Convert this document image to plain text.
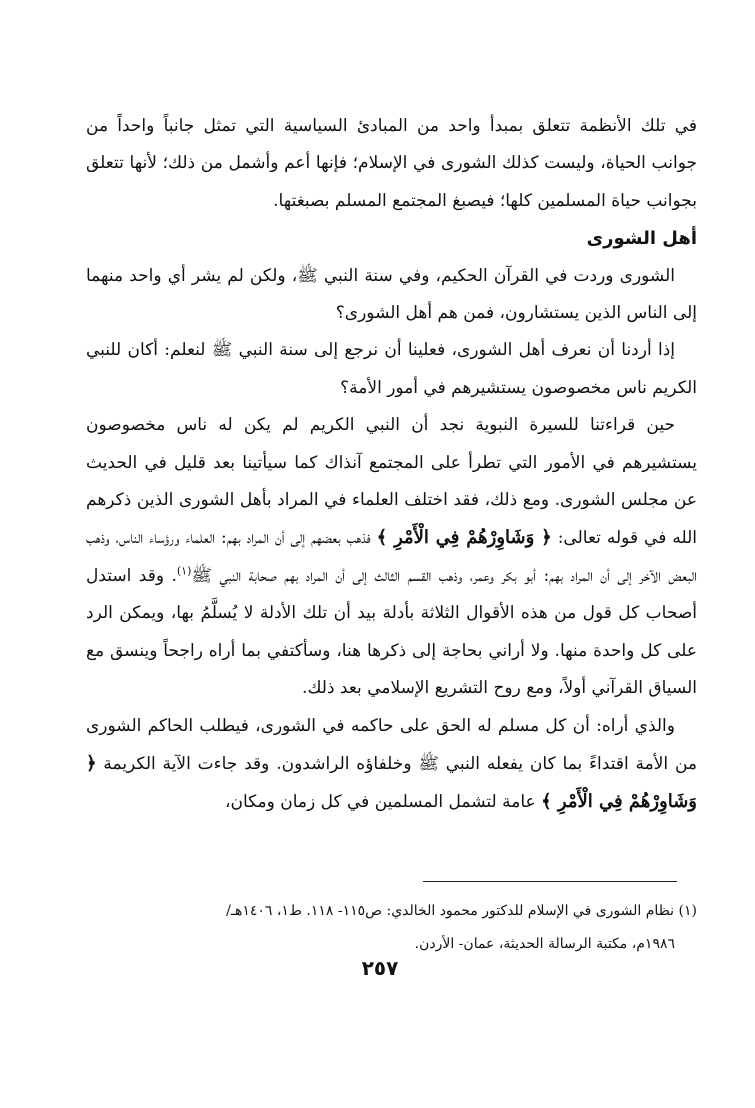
في تلك الأنظمة تتعلق بمبدأ واحد من المبادئ السياسية التي تمثل جانباً واحداً من جوانب الحياة، وليست كذلك الشورى في الإسلام؛ فإنها أعم وأشمل من ذلك؛ لأنها تتعلق بجوانب حياة المسلمين كلها؛ فيصبغ المجتمع المسلم بصبغتها.

أهل الشورى

الشورى وردت في القرآن الحكيم، وفي سنة النبي ﷺ، ولكن لم يشر أي واحد منهما إلى الناس الذين يستشارون، فمن هم أهل الشورى؟

إذا أردنا أن نعرف أهل الشورى، فعلينا أن نرجع إلى سنة النبي ﷺ لنعلم: أكان للنبي الكريم ناس مخصوصون يستشيرهم في أمور الأمة؟

حين قراءتنا للسيرة النبوية نجد أن النبي الكريم لم يكن له ناس مخصوصون يستشيرهم في الأمور التي تطرأ على المجتمع آنذاك كما سيأتينا بعد قليل في الحديث عن مجلس الشورى. ومع ذلك، فقد اختلف العلماء في المراد بأهل الشورى الذين ذكرهم الله في قوله تعالى: ﴿ وَشَاوِرْهُمْ فِي الْأَمْرِ ﴾ فذهب بعضهم إلى أن المراد بهم: العلماء ورؤساء الناس، وذهب البعض الآخر إلى أن المراد بهم: أبو بكر وعمر، وذهب القسم الثالث إلى أن المراد بهم صحابة النبي ﷺ$^{(١)}$. وقد استدل أصحاب كل قول من هذه الأقوال الثلاثة بأدلة بيد أن تلك الأدلة لا يُسلَّمُ بها، ويمكن الرد على كل واحدة منها. ولا أراني بحاجة إلى ذكرها هنا، وسأكتفي بما أراه راجحاً وينسق مع السياق القرآني أولاً، ومع روح التشريع الإسلامي بعد ذلك.

والذي أراه: أن كل مسلم له الحق على حاكمه في الشورى، فيطلب الحاكم الشورى من الأمة اقتداءً بما كان يفعله النبي ﷺ وخلفاؤه الراشدون. وقد جاءت الآية الكريمة ﴿ وَشَاوِرْهُمْ فِي الْأَمْرِ ﴾ عامة لتشمل المسلمين في كل زمان ومكان،

(١) نظام الشورى في الإسلام للدكتور محمود الخالدي: ص١١٥- ١١٨. ط١، ١٤٠٦هـ/

١٩٨٦م، مكتبة الرسالة الحديثة، عمان- الأردن.

٢٥٧
